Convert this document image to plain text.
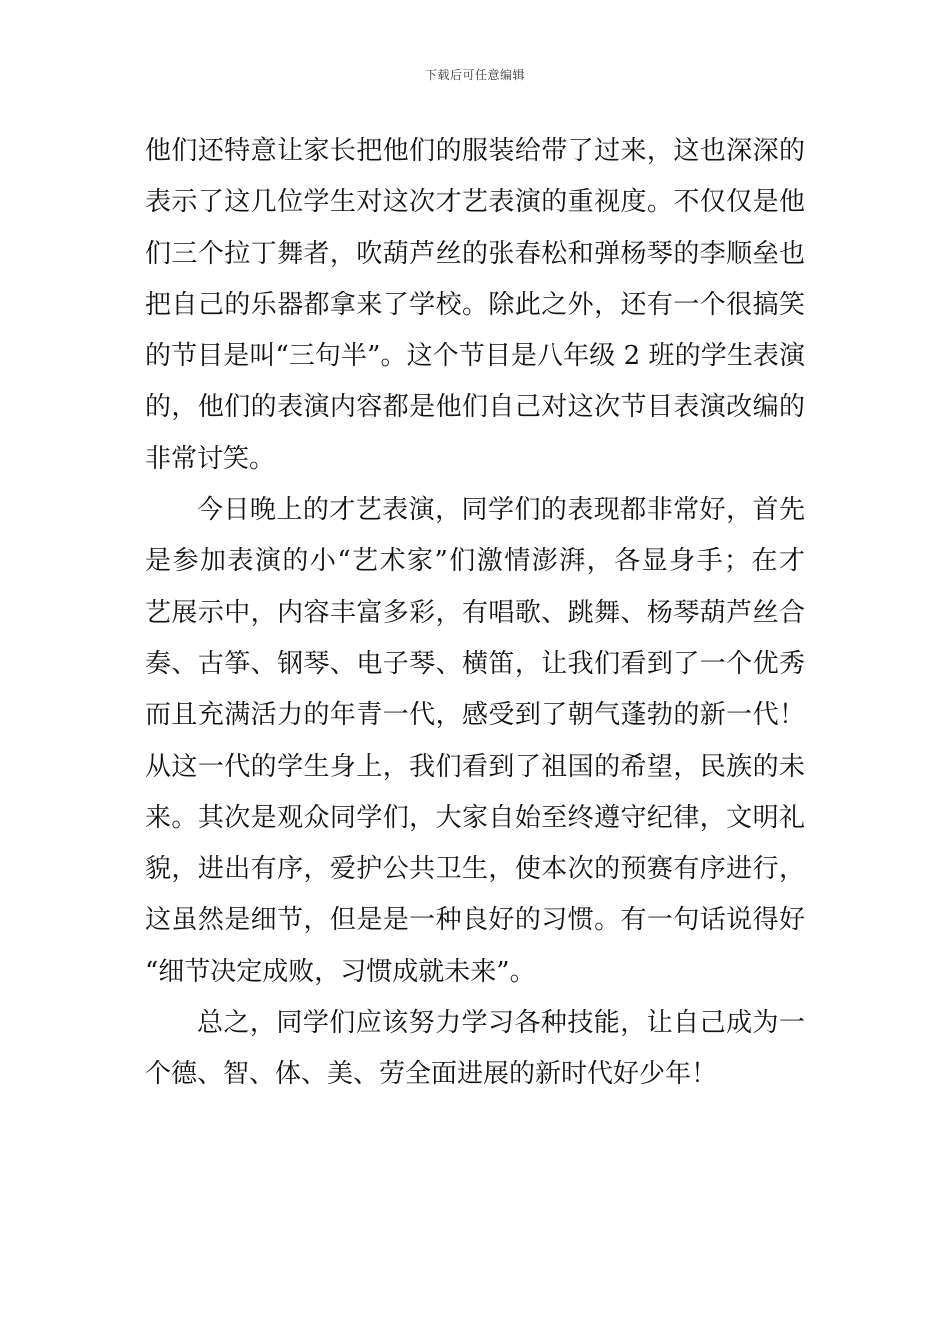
下载后可任意编辑
他们还特意让家长把他们的服装给带了过来，这也深深的
表示了这几位学生对这次才艺表演的重视度。不仅仅是他
们三个拉丁舞者，吹葫芦丝的张春松和弹杨琴的李顺垒也
把自己的乐器都拿来了学校。除此之外，还有一个很搞笑
的节目是叫“三句半”。这个节目是八年级 2 班的学生表演
的，他们的表演内容都是他们自己对这次节目表演改编的
非常讨笑。
今日晚上的才艺表演，同学们的表现都非常好，首先
是参加表演的小“艺术家”们激情澎湃，各显身手；在才
艺展示中，内容丰富多彩，有唱歌、跳舞、杨琴葫芦丝合
奏、古筝、钢琴、电子琴、横笛，让我们看到了一个优秀
而且充满活力的年青一代，感受到了朝气蓬勃的新一代！
从这一代的学生身上，我们看到了祖国的希望，民族的未
来。其次是观众同学们，大家自始至终遵守纪律，文明礼
貌，进出有序，爱护公共卫生，使本次的预赛有序进行，
这虽然是细节，但是是一种良好的习惯。有一句话说得好
“细节决定成败，习惯成就未来”。
总之，同学们应该努力学习各种技能，让自己成为一
个德、智、体、美、劳全面进展的新时代好少年！
